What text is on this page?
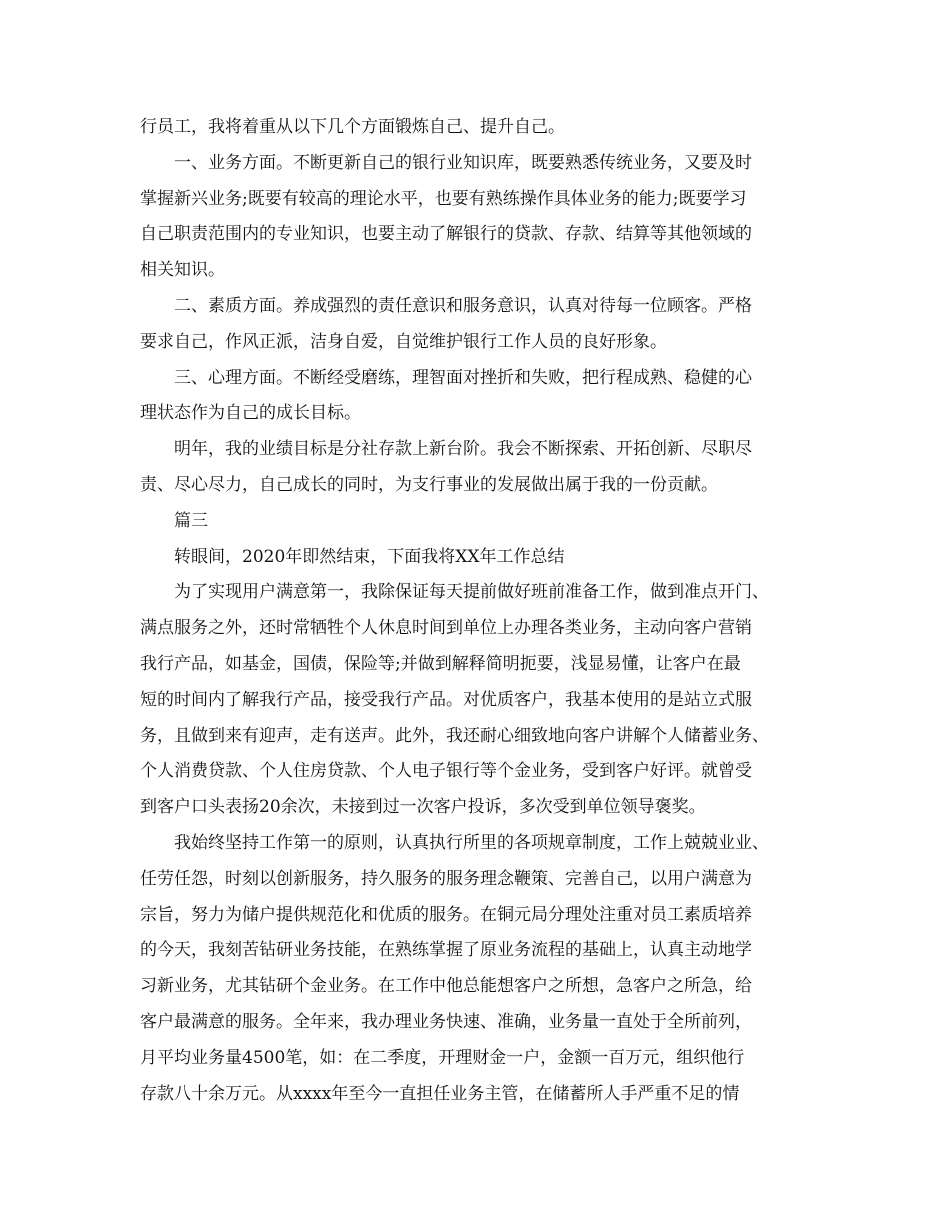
行员工，我将着重从以下几个方面锻炼自己、提升自己。

一、业务方面。不断更新自己的银行业知识库，既要熟悉传统业务，又要及时
掌握新兴业务;既要有较高的理论水平，也要有熟练操作具体业务的能力;既要学习
自己职责范围内的专业知识，也要主动了解银行的贷款、存款、结算等其他领域的
相关知识。

二、素质方面。养成强烈的责任意识和服务意识，认真对待每一位顾客。严格
要求自己，作风正派，洁身自爱，自觉维护银行工作人员的良好形象。

三、心理方面。不断经受磨练，理智面对挫折和失败，把行程成熟、稳健的心
理状态作为自己的成长目标。

明年，我的业绩目标是分社存款上新台阶。我会不断探索、开拓创新、尽职尽
责、尽心尽力，自己成长的同时，为支行事业的发展做出属于我的一份贡献。

篇三

转眼间，2020年即然结束，下面我将XX年工作总结

为了实现用户满意第一，我除保证每天提前做好班前准备工作，做到准点开门、
满点服务之外，还时常牺牲个人休息时间到单位上办理各类业务，主动向客户营销
我行产品，如基金，国债，保险等;并做到解释简明扼要，浅显易懂，让客户在最
短的时间内了解我行产品，接受我行产品。对优质客户，我基本使用的是站立式服
务，且做到来有迎声，走有送声。此外，我还耐心细致地向客户讲解个人储蓄业务、
个人消费贷款、个人住房贷款、个人电子银行等个金业务，受到客户好评。就曾受
到客户口头表扬20余次，未接到过一次客户投诉，多次受到单位领导褒奖。

我始终坚持工作第一的原则，认真执行所里的各项规章制度，工作上兢兢业业、
任劳任怨，时刻以创新服务，持久服务的服务理念鞭策、完善自己，以用户满意为
宗旨，努力为储户提供规范化和优质的服务。在铜元局分理处注重对员工素质培养
的今天，我刻苦钻研业务技能，在熟练掌握了原业务流程的基础上，认真主动地学
习新业务，尤其钻研个金业务。在工作中他总能想客户之所想，急客户之所急，给
客户最满意的服务。全年来，我办理业务快速、准确，业务量一直处于全所前列，
月平均业务量4500笔，如：在二季度，开理财金一户，金额一百万元，组织他行
存款八十余万元。从xxxx年至今一直担任业务主管，在储蓄所人手严重不足的情
